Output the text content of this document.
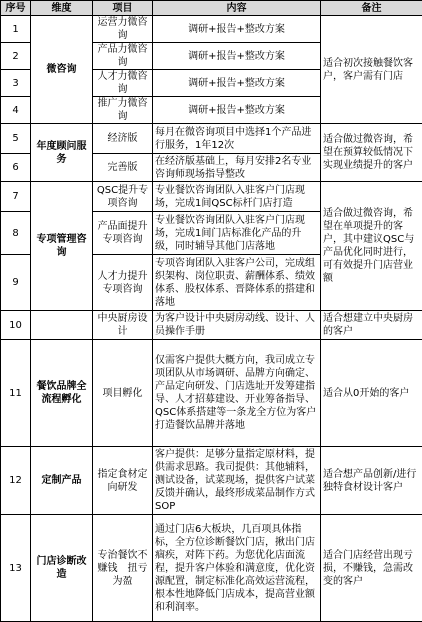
序号	维度	项目	内容	备注
1	微咨询	运营力微咨询	调研+报告+整改方案	适合初次接触餐饮客户，客户需有门店
2		产品力微咨询	调研+报告+整改方案	
3		人才力微咨询	调研+报告+整改方案	
4		推广力微咨询	调研+报告+整改方案	
5	年度顾问服务	经济版	每月在微咨询项目中选择1个产品进行服务，1年12次	适合做过微咨询，希望在预算较低情况下实现业绩提升的客户
6		完善版	在经济版基础上，每月安排2名专业咨询师现场指导整改	
7	专项管理咨询	QSC提升专项咨询	专业餐饮咨询团队入驻客户门店现场，完成1间QSC标杆门店打造	适合做过微咨询，希望在单项提升的客户，其中建议QSC与产品优化同时进行，可有效提升门店营业额
8		产品面提升专项咨询	专业餐饮咨询团队入驻客户门店现场，完成1间门店标准化产品的升级，同时辅导其他门店落地	
9		人才力提升专项咨询	专项咨询团队入驻客户公司，完成组织架构、岗位职责、薪酬体系、绩效体系、股权体系、晋降体系的搭建和落地	
10		中央厨房设计	为客户设计中央厨房动线、设计、人员操作手册	适合想建立中央厨房的客户
11	餐饮品牌全流程孵化	项目孵化	仅需客户提供大概方向，我司成立专项团队从市场调研、品牌方向确定、产品定向研发、门店选址开发筹建指导、人才招募建设、开业筹备指导、QSC体系搭建等一条龙全方位为客户打造餐饮品牌并落地	适合从0开始的客户
12	定制产品	指定食材定向研发	客户提供：足够分量指定原材料，提供需求思路。我司提供：其他辅料，测试设备，试菜现场，提供客户试菜反馈并确认，最终形成菜品制作方式SOP	适合想产品创新/进行独特食材设计客户
13	门店诊断改造	专治餐饮不赚钱　扭亏为盈	通过门店6大板块，几百项具体指标，全方位诊断餐饮门店，揪出门店痼疾，对阵下药。为您优化店面流程，提升客户体验和满意度，优化资源配置，制定标准化高效运营流程，根本性地降低门店成本，提高营业额和利润率。	适合门店经营出现亏损，不赚钱，急需改变的客户
